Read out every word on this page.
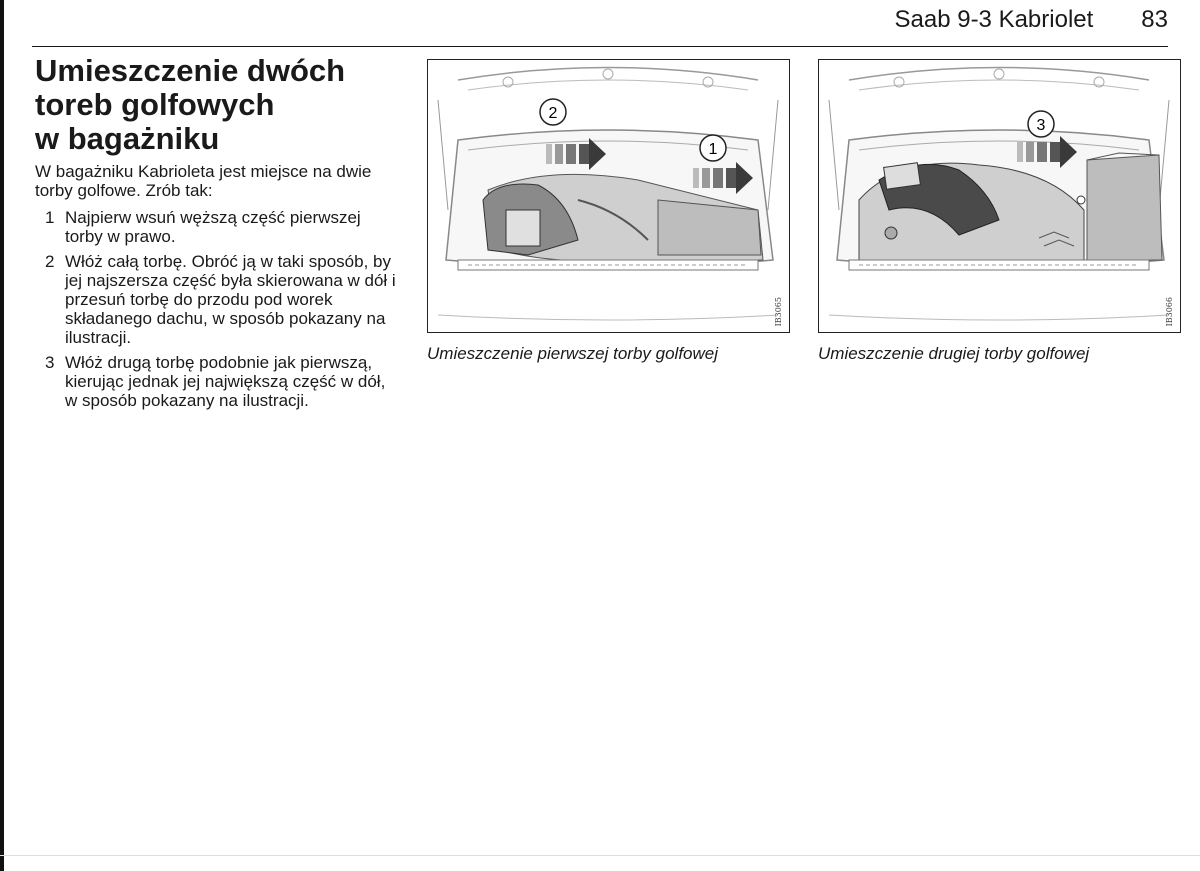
Saab 9-3 Kabriolet 83
Umieszczenie dwóch
toreb golfowych
w bagażniku

W bagażniku Kabrioleta jest miejsce na dwie torby golfowe. Zrób tak:

1 Najpierw wsuń węższą część pierwszej torby w prawo.
2 Włóż całą torbę. Obróć ją w taki sposób, by jej najszersza część była skierowana w dół i przesuń torbę do przodu pod worek składanego dachu, w sposób pokazany na ilustracji.
3 Włóż drugą torbę podobnie jak pierwszą, kierując jednak jej największą część w dół, w sposób pokazany na ilustracji.
2
1
IB3065
Umieszczenie pierwszej torby golfowej
3
IB3066
Umieszczenie drugiej torby golfowej
